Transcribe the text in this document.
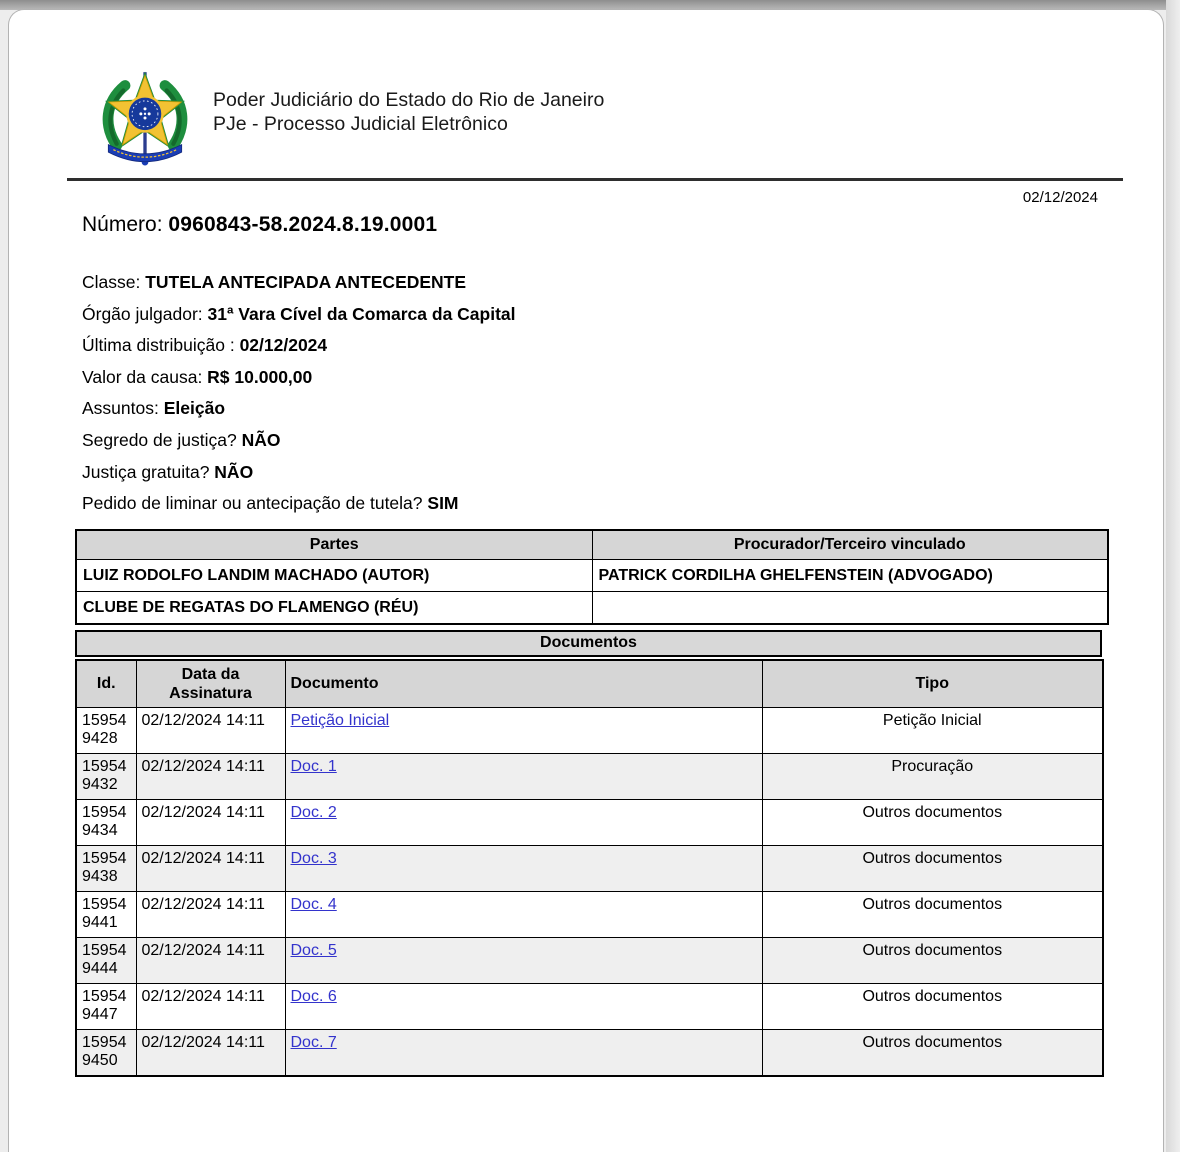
Poder Judiciário do Estado do Rio de Janeiro
PJe - Processo Judicial Eletrônico
02/12/2024
Número: 0960843-58.2024.8.19.0001
Classe: TUTELA ANTECIPADA ANTECEDENTE
Órgão julgador: 31ª Vara Cível da Comarca da Capital
Última distribuição : 02/12/2024
Valor da causa: R$ 10.000,00
Assuntos: Eleição
Segredo de justiça? NÃO
Justiça gratuita? NÃO
Pedido de liminar ou antecipação de tutela? SIM
Partes	Procurador/Terceiro vinculado
LUIZ RODOLFO LANDIM MACHADO (AUTOR)	PATRICK CORDILHA GHELFENSTEIN (ADVOGADO)
CLUBE DE REGATAS DO FLAMENGO (RÉU)	
Documentos
Id.	Data da Assinatura	Documento	Tipo
15954 9428	02/12/2024 14:11	Petição Inicial	Petição Inicial
15954 9432	02/12/2024 14:11	Doc. 1	Procuração
15954 9434	02/12/2024 14:11	Doc. 2	Outros documentos
15954 9438	02/12/2024 14:11	Doc. 3	Outros documentos
15954 9441	02/12/2024 14:11	Doc. 4	Outros documentos
15954 9444	02/12/2024 14:11	Doc. 5	Outros documentos
15954 9447	02/12/2024 14:11	Doc. 6	Outros documentos
15954 9450	02/12/2024 14:11	Doc. 7	Outros documentos
